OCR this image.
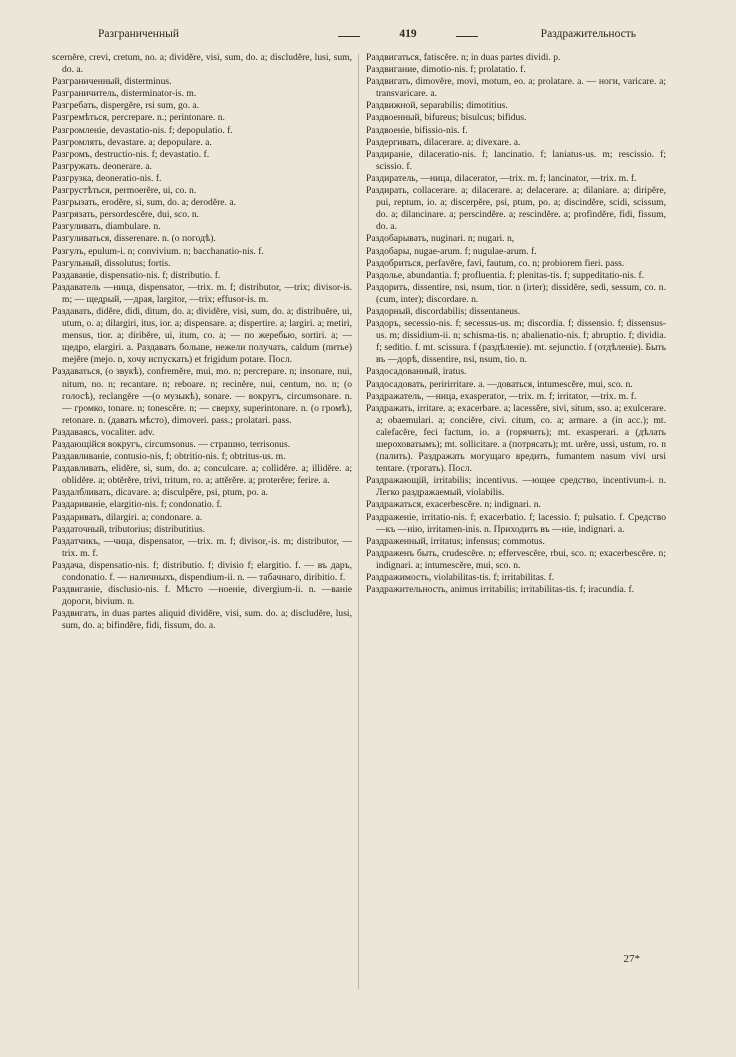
Разграниченный	419	Раздражительность

scernĕre, crevi, cretum, no. a; dividĕre, visi, sum, do. a; discludĕre, lusi, sum, do. a.

Разграниченный, disterminus.

Разграничитель, disterminator-is. m.

Разгребать, dispergĕre, rsi sum, go. a.

Разгремѣться, percrepare. n.; perintonare. n.

Разгромленіе, devastatio-nis. f; depopulatio. f.

Разгромлять, devastare. a; depopulare. a.

Разгромъ, destructio-nis. f; devastatio. f.

Разгружать. deonerare. a.

Разгрузка, deoneratio-nis. f.

Разгрустѣться, permoerĕre, ui, co. n.

Разгрызать, erodĕre, si, sum, do. a; derodĕre. a.

Разгрязать, persordescĕre, dui, sco. n.

Разгуливать, diambulare. n.

Разгуливаться, disserenare. n. (о погодѣ).

Разгулъ, epulum-i. n; convivium. n; bacchanatio-nis. f.

Разгульный, dissolutus; fortis.

Раздаваніе, dispensatio-nis. f; distributio. f.

Раздаватель —ница, dispensator, —trix. m. f; distributor, —trix; divisor-is. m; — щедрый, —драя, largitor, —trix; effusor-is. m.

Раздавать, didĕre, didi, ditum, do. a; dividĕre, visi, sum, do. a; distribuĕre, ui, utum, o. a; dilargiri, itus, ior. a; dispensare. a; dispertire. a; largiri. a; metiri, mensus, tior. a; diribĕre, ui, itum, co. a; — по жеребью, sortiri. a; — щедро, elargiri. a. Раздавать больше, нежели получать, caldum (питье) mejĕre (mejo. n, хочу испускать) et frigidum potare. Посл.

Раздаваться, (о звукѣ), confremĕre, mui, mo. n; percrepare. n; insonare, nui, nitum, no. n; recantare. n; reboare. n; recinĕre, nui, centum, no. n; (о голосѣ), reclangĕre —(о музыкѣ), sonare. — вокругъ, circumsonare. n. — громко, tonare. n; tonescĕre. n; — сверху, superintonare. n. (о громѣ), retonare. n. (давать мѣсто), dimoveri. pass.; prolatari. pass.

Раздавaясь, vocaliter. adv.

Раздающійся вокругъ, circumsonus. — страшно, terrisonus.

Раздавливаніе, contusio-nis, f; obtritio-nis. f; obtritus-us. m.

Раздавливать, elidĕre, si, sum, do. a; conculcare. a; collidĕre. a; illidĕre. a; oblidĕre. a; obtĕrĕre, trivi, tritum, ro. a; attĕrĕre. a; proterĕre; ferire. a.

Раздалбливать, dicavare. a; disculpĕre, psi, ptum, po. a.

Раздариваніе, elargitio-nis. f; condonatio. f.

Раздаривать, dilargiri. a; condonare. a.

Раздаточный, tributorius; distributitius.

Раздатчикъ, —чица, dispensator, —trix. m. f; divisor,-is. m; distributor, —trix. m. f.

Раздача, dispensatio-nis. f; distributio. f; divisio f; elargitio. f. — въ даръ, condonatio. f. — наличныхъ, dispendium-ii. n. — табачнаго, diribitio. f.

Раздвиганіе, disclusio-nis. f. Мѣсто —ноеніе, divergium-ii. n. —ваніе дороги, bivium. n.

Раздвигать, in duas partes aliquid dividĕre, visi, sum. do. a; discludĕre, lusi, sum, do. a; bifindĕre, fidi, fissum, do. a.

Раздвигаться, fatiscĕre. n; in duas partes dividi. p.

Раздвигание, dimotio-nis. f; prolatatio. f.

Раздвигать, dimovĕre, movi, motum, eo. a; prolatare. a. — ноги, varicare. a; transvaricare. a.

Раздвижной, separabilis; dimotitius.

Раздвоенный, bifureus; bisulcus; bifidus.

Раздвоеніе, bifissio-nis. f.

Раздергивать, dilacerare. a; divexare. a.

Раздираніе, dilaceratio-nis. f; lancinatio. f; laniatus-us. m; rescissio. f; scissio. f.

Раздиратель, —ница, dilacerator, —trix. m. f; lancinator, —trix. m. f.

Раздирать, collacerare. a; dilacerare. a; delacerare. a; dilaniare. a; diripĕre, pui, reptum, io. a; discerpĕre, psi, ptum, po. a; discindĕre, scidi, scissum, do. a; dilancinare. a; perscindĕre. a; rescindĕre. a; profindĕre, fidi, fissum, do. a.

Раздобарывать, nuginari. n; nugari. n,

Раздобары, nugae-arum. f; nugulae-arum. f.

Раздобриться, perfavĕre, favi, fautum, co. n; probiorem fieri. pass.

Раздолье, abundantia. f; profluentia. f; plenitas-tis. f; suppeditatio-nis. f.

Раздорить, dissentire, nsi, nsum, tior. n (irter); dissidĕre, sedi, sessum, co. n. (cum, inter); discordare. n.

Раздорный, discordabilis; dissentaneus.

Раздоръ, secessio-nis. f; secessus-us. m; discordia. f; dissensio. f; dissensus-us. m; dissidium-ii. n; schisma-tis. n; abalienatio-nis. f; abruptio. f; dividia. f; seditio. f. mt. scissura. f (раздѣленіе). mt. sejunctio. f (отдѣленіе). Быть въ —дорѣ, dissentire, nsi, nsum, tio. n.

Раздосадованный, iratus.

Раздосадовать, peririrritare. a. —доваться, intumescĕre, mui, sco. n.

Раздражатель, —ница, exasperator, —trix. m. f; irritator, —trix. m. f.

Раздражать, irritare. a; exacerbare. a; lacessĕre, sivi, situm, sso. a; exulcerare. a; obaemulari. a; conciĕre, civi. citum, co. a; armare. a (in acc.); mt. calefacĕre, feci factum, io. a (горячить); mt. exasperari. a (дѣлать шероховатымъ); mt. sollicitare. a (потрясать); mt. urĕre, ussi, ustum, ro. n (палить). Раздражать могущаго вредить, fumantem nasum vivi ursi tentare. (трогать). Посл.

Раздражающій, irritabilis; incentivus. —ющее средство, incentivum-i. n. Легко раздражаемый, violabilis.

Раздражаться, exacerbescĕre. n; indignari. n.

Раздраженіе, irritatio-nis. f; exacerbatio. f; lacessio. f; pulsatio. f. Средство —къ —нію, irritamen-inis. n. Приходить въ —ніе, indignari. a.

Раздраженный, irritatus; infensus; commotus.

Раздраженъ быть, crudescĕre. n; effervescĕre, rbui, sco. n; exacerbescĕre. n; indignari. a; intumescĕre, mui, sco. n.

Раздражимость, violabilitas-tis. f; irritabilitas. f.

Раздражительность, animus irritabilis; irritabilitas-tis. f; iracundia. f.

27*
